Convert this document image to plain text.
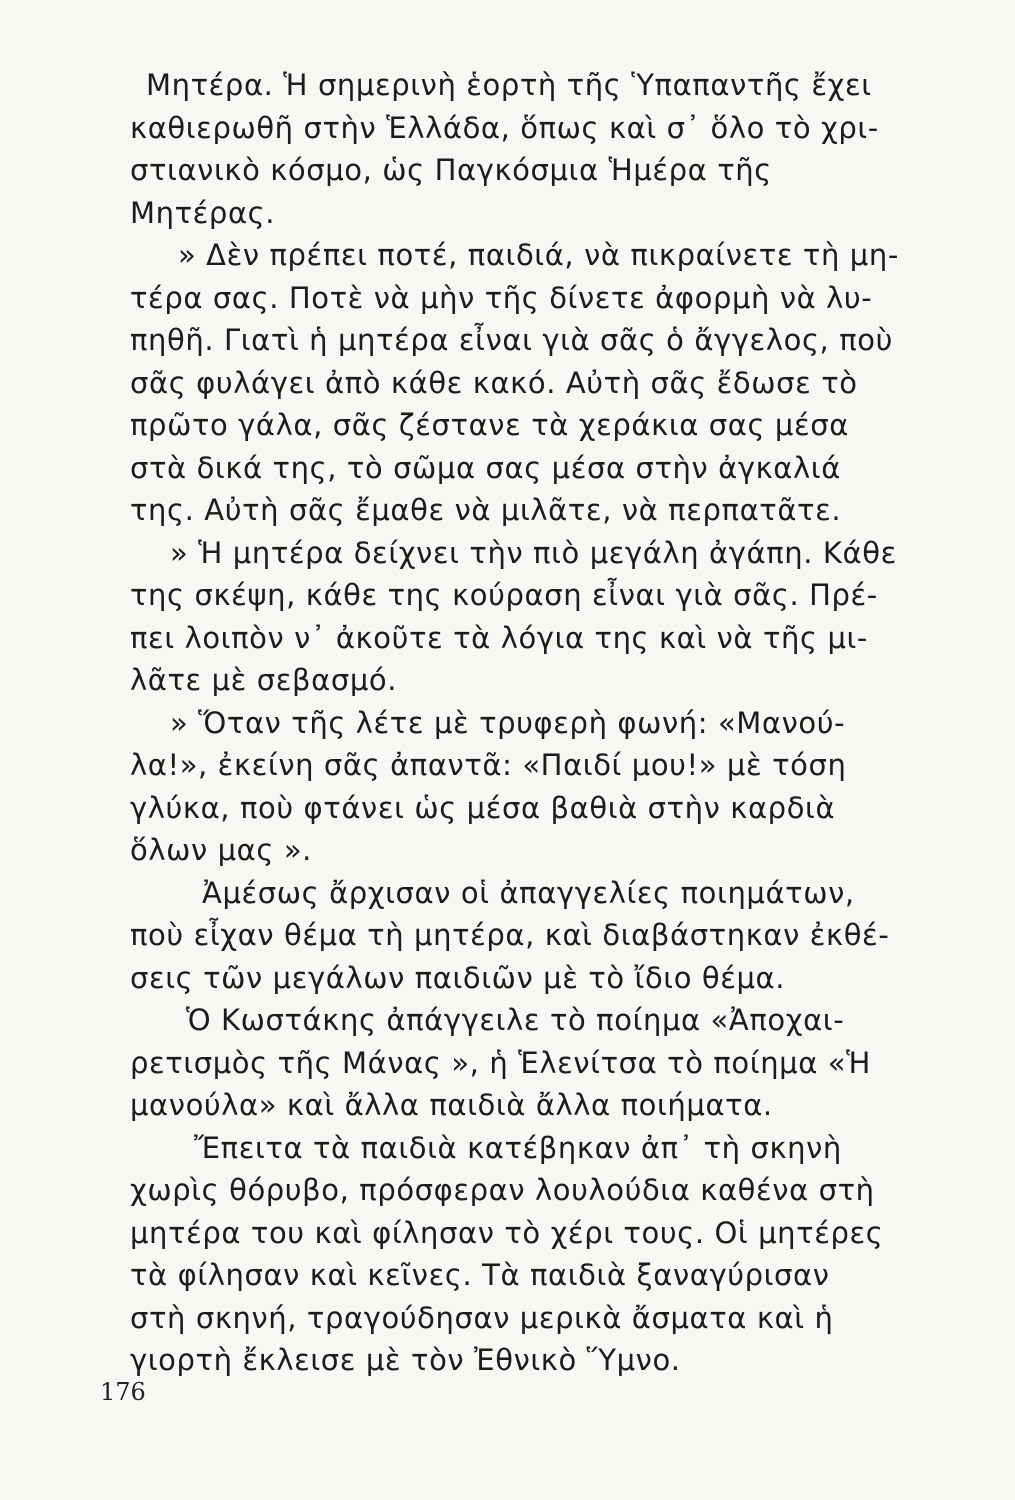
Μητέρα. Ἡ σημερινὴ ἑορτὴ τῆς Ὑπαπαντῆς ἔχει
καθιερωθῆ στὴν Ἑλλάδα, ὅπως καὶ σ᾽ ὅλο τὸ χρι-
στιανικὸ κόσμο, ὡς Παγκόσμια Ἡμέρα τῆς
Μητέρας.
» Δὲν πρέπει ποτέ, παιδιά, νὰ πικραίνετε τὴ μη-
τέρα σας. Ποτὲ νὰ μὴν τῆς δίνετε ἀφορμὴ νὰ λυ-
πηθῆ. Γιατὶ ἡ μητέρα εἶναι γιὰ σᾶς ὁ ἄγγελος, ποὺ
σᾶς φυλάγει ἀπὸ κάθε κακό. Αὐτὴ σᾶς ἔδωσε τὸ
πρῶτο γάλα, σᾶς ζέστανε τὰ χεράκια σας μέσα
στὰ δικά της, τὸ σῶμα σας μέσα στὴν ἀγκαλιά
της. Αὐτὴ σᾶς ἔμαθε νὰ μιλᾶτε, νὰ περπατᾶτε.
» Ἡ μητέρα δείχνει τὴν πιὸ μεγάλη ἀγάπη. Κάθε
της σκέψη, κάθε της κούραση εἶναι γιὰ σᾶς. Πρέ-
πει λοιπὸν ν᾽ ἀκοῦτε τὰ λόγια της καὶ νὰ τῆς μι-
λᾶτε μὲ σεβασμό.
» Ὅταν τῆς λέτε μὲ τρυφερὴ φωνή: «Μανού-
λα!», ἐκείνη σᾶς ἀπαντᾶ: «Παιδί μου!» μὲ τόση
γλύκα, ποὺ φτάνει ὡς μέσα βαθιὰ στὴν καρδιὰ
ὅλων μας ».
Ἀμέσως ἄρχισαν οἱ ἀπαγγελίες ποιημάτων,
ποὺ εἶχαν θέμα τὴ μητέρα, καὶ διαβάστηκαν ἐκθέ-
σεις τῶν μεγάλων παιδιῶν μὲ τὸ ἴδιο θέμα.
Ὁ Κωστάκης ἀπάγγειλε τὸ ποίημα «Ἀποχαι-
ρετισμὸς τῆς Μάνας », ἡ Ἑλενίτσα τὸ ποίημα «Ἡ
μανούλα» καὶ ἄλλα παιδιὰ ἄλλα ποιήματα.
Ἔπειτα τὰ παιδιὰ κατέβηκαν ἀπ᾽ τὴ σκηνὴ
χωρὶς θόρυβο, πρόσφεραν λουλούδια καθένα στὴ
μητέρα του καὶ φίλησαν τὸ χέρι τους. Οἱ μητέρες
τὰ φίλησαν καὶ κεῖνες. Τὰ παιδιὰ ξαναγύρισαν
στὴ σκηνή, τραγούδησαν μερικὰ ἄσματα καὶ ἡ
γιορτὴ ἔκλεισε μὲ τὸν Ἐθνικὸ Ὕμνο.
176
